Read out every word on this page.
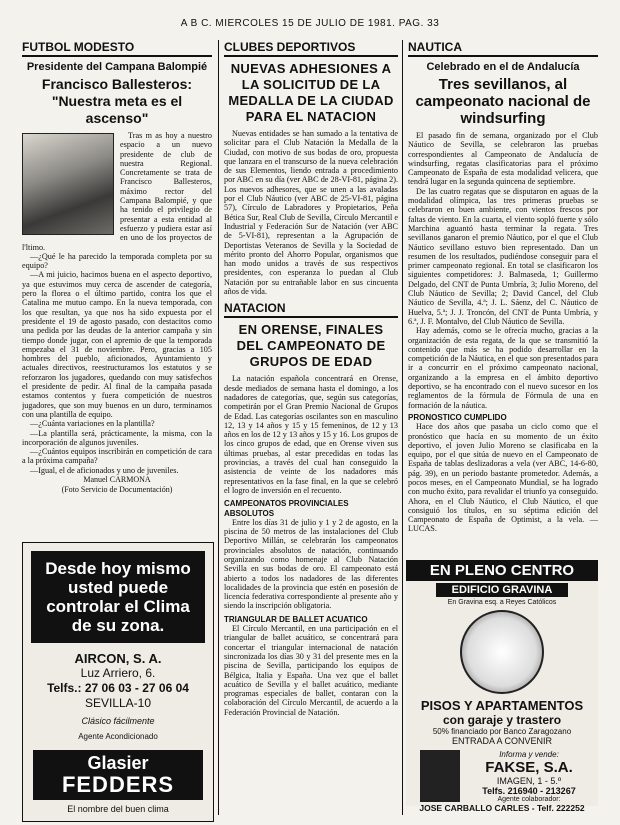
A B C. MIERCOLES 15 DE JULIO DE 1981. PAG. 33
FUTBOL MODESTO
Presidente del Campana Balompié
Francisco Ballesteros: "Nuestra meta es el ascenso"

Tras m as hoy a nuestro espacio a un nuevo presidente de club de nuestra Regional. Concretamente se trata de Francisco Ballesteros, máximo rector del Campana Balompié, y que ha tenido el privilegio de presentar a esta entidad al esfuerzo y pudiera estar así en uno de los proyectos de l'ltimo.

—¿Qué le ha parecido la temporada completa por su equipo?

—A mi juicio, hacimos buena en el aspecto deportivo, ya que estuvimos muy cerca de ascender de categoría, pero la florea o el último partido, contra los que el Catalina me mutuo campo. En la nueva temporada, con los que resultan, ya que nos ha sido expuesta por el presidente el 19 de agosto pasado, con destacitos como una pedida por las deudas de la anterior campaña y sin tiempo donde jugar, con el apremio de que la temporada empezaba el 31 de noviembre. Pero, gracias a 105 hombres del pueblo, aficionados, Ayuntamiento y actuales directivos, reestructuramos los estatutos y se reforzaron los jugadores, quedando con muy satisfechos el presidente de pedir. Al final de la campaña pasada estamos contentos y fuera competición de nuestros jugadores, que son muy buenos en un duro, terminamos con una plantilla de equipo.

—¿Cuánta variaciones en la plantilla?

—La plantilla será, prácticamente, la misma, con la incorporación de algunos juveniles.

—¿Cuántos equipos inscribirán en competición de cara a la próxima campaña?

—Igual, el de aficionados y uno de juveniles.

Manuel CARMONA
(Foto Servicio de Documentación)
Desde hoy mismo usted puede controlar el Clima de su zona.
AIRCON, S. A.
Luz Arriero, 6.
Telfs.: 27 06 03 - 27 06 04
SEVILLA-10
Clásico fácilmente
Agente Acondicionado
Glasier
FEDDERS
El nombre del buen clima
CLUBES DEPORTIVOS
NUEVAS ADHESIONES A LA SOLICITUD DE LA MEDALLA DE LA CIUDAD PARA EL NATACION

Nuevas entidades se han sumado a la tentativa de solicitar para el Club Natación la Medalla de la Ciudad, con motivo de sus bodas de oro, propuesta que lanzara en el transcurso de la nueva celebración de sus Elementos, liendo entrada a procedimiento por ABC en su día (ver ABC de 28-VI-81, página 2). Los nuevos adhesores, que se unen a las avaladas por el Club Náutico (ver ABC de 25-VI-81, página 57), Círculo de Labradores y Propietarios, Peña Bética Sur, Real Club de Sevilla, Círculo Mercantil e Industrial y Federación Sur de Natación (ver ABC de 5-VI-81), representan a la Agrupación de Deportistas Veteranos de Sevilla y la Sociedad de mérito pronto del Ahorro Popular, organismos que han modo unidos a través de sus respectivos presidentes, con esperanza lo puedan al Club Natación por su entrañable labor en sus cincuenta años de vida.

NATACION
EN ORENSE, FINALES DEL CAMPEONATO DE GRUPOS DE EDAD

La natación española concentrará en Orense, desde mediados de semana hasta el domingo, a los nadadores de categorías, que, según sus categorías, competirán por el Gran Premio Nacional de Grupos de Edad. Las categorías oscilantes son en masculino 12, 13 y 14 años y 15 y 15 femeninos, de 12 y 13 años en los de 12 y 13 años y 15 y 16. Los grupos de los cinco grupos de edad, que en Orense viven sus últimas pruebas, al estar precedidas en todas las provincias, a través del cual han conseguido la asistencia de veinte de los nadadores más representativos en la fase final, en la que se celebró el logro de inversión en el recuento.

CAMPEONATOS PROVINCIALES ABSOLUTOS

Entre los días 31 de julio y 1 y 2 de agosto, en la piscina de 50 metros de las instalaciones del Club Deportivo Millán, se celebrarán los campeonatos provinciales absolutos de natación, continuando organizando como homenaje al Club Natación Sevilla en sus bodas de oro. El campeonato está abierto a todos los nadadores de las diferentes localidades de la provincia que estén en posesión de licencia federativa correspondiente al presente año y siendo la inscripción obligatoria.

TRIANGULAR DE BALLET ACUATICO

El Círculo Mercantil, en una participación en el triangular de ballet acuático, se concentrará para concertar el triangular internacional de natación sincronizada los días 30 y 31 del presente mes en la piscina de Sevilla, participando los equipos de Bélgica, Italia y España. Una vez que el ballet acuático de Sevilla y el ballet acuático, mediante programas especiales de ballet, contaran con la colaboración del Círculo Mercantil, de acuerdo a la Federación Provincial de Natación.

NAUTICA
Celebrado en el de Andalucía
Tres sevillanos, al campeonato nacional de windsurfing

El pasado fin de semana, organizado por el Club Náutico de Sevilla, se celebraron las pruebas correspondientes al Campeonato de Andalucía de windsurfing, regatas clasificatorias para el próximo Campeonato de España de esta modalidad velicera, que tendrá lugar en la segunda quincena de septiembre.

De las cuatro regatas que se disputaron en aguas de la modalidad olímpica, las tres primeras pruebas se celebraron en buen ambiente, con vientos frescos por faltas de viento. En la cuarta, el viento sopló fuerte y sólo Marchina aguantó hasta terminar la regata. Tres sevillanos ganaron el premio Náutico, por el que el Club Náutico sevillano estuvo bien representado. Dan un resumen de los resultados, pudiéndose conseguir para el primer campeonato regional. En total se clasificaron los siguientes competidores: J. Balmaseda, 1; Guillermo Delgado, del CNT de Punta Umbría, 3; Julio Moreno, del Club Náutico de Sevilla; 2; David Cancel, del Club Náutico de Sevilla, 4.ª; J. L. Sáenz, del C. Náutico de Huelva, 5.ª; J. J. Troncón, del CNT de Punta Umbría, y 6.ª, J. F. Montalvo, del Club Náutico de Sevilla.

Hay además, como se le ofrecía mucho, gracias a la organización de esta regata, de la que se transmitió la contenido que más se ha podido desarrollar en la competición de la Náutica, en el que son presentados para ir a concurrir en el próximo campeonato nacional, organizando a la empresa en el ámbito deportivo deportivo, se ha encontrado con el nuevo sucesor en los reglamentos de la fórmula de Fórmula de una en formación de la náutica.

PRONOSTICO CUMPLIDO

Hace dos años que pasaba un ciclo como que el pronóstico que hacía en su momento de un éxito deportivo, el joven Julio Moreno se clasificaba en la equipo, por el que sitúa de nuevo en el Campeonato de España de tablas deslizadoras a vela (ver ABC, 14-6-80, pág. 39), en un periodo bastante prometedor. Además, a pocos meses, en el Campeonato Mundial, se ha logrado con mucho éxito, para revalidar el triunfo ya conseguido. Ahora, en el Club Náutico, el Club Náutico, el que consiguió los títulos, en su séptima edición del Campeonato de España de Optimist, a la vela. — LUCAS.

EN PLENO CENTRO
EDIFICIO GRAVINA
En Gravina esq. a Reyes Católicos
PISOS Y APARTAMENTOS
con garaje y trastero
50% financiado por Banco Zaragozano
ENTRADA A CONVENIR
Informa y vende:
FAKSE, S.A.
IMAGEN, 1 - 5.º
Telfs. 216940 - 213267
Agente colaborador:
JOSE CARBALLO CARLES - Telf. 222252
